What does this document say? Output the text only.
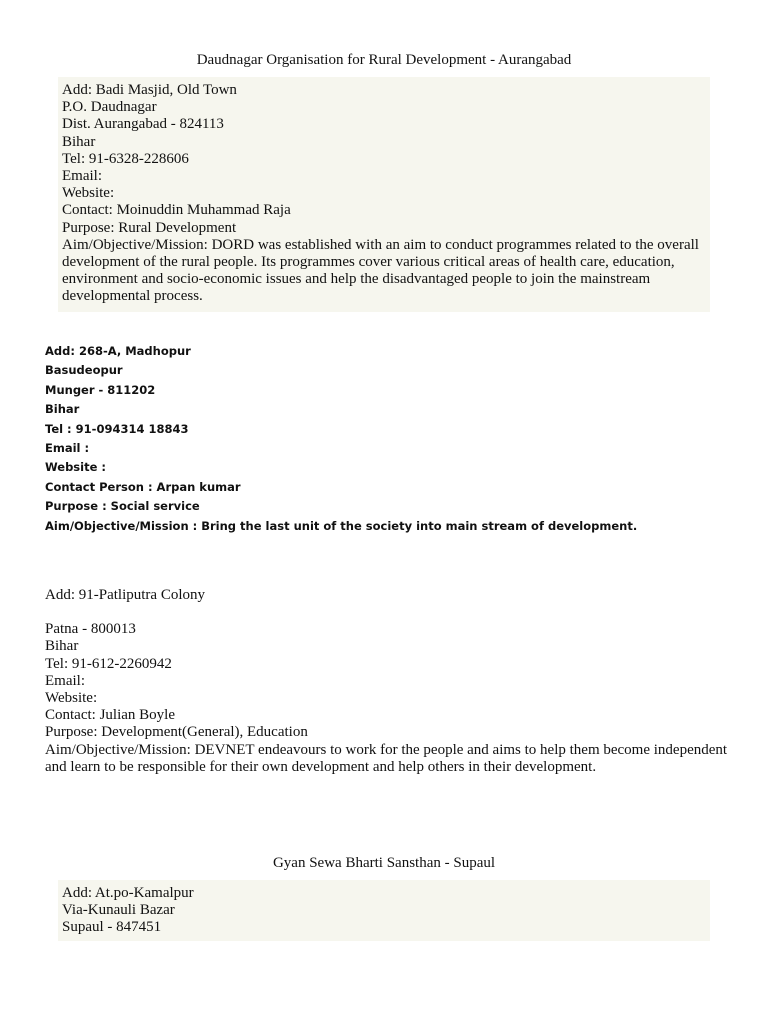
Daudnagar Organisation for Rural Development - Aurangabad
Add: Badi Masjid, Old Town
P.O. Daudnagar
Dist. Aurangabad - 824113
Bihar
Tel: 91-6328-228606
Email:
Website:
Contact: Moinuddin Muhammad Raja
Purpose: Rural Development
Aim/Objective/Mission: DORD was established with an aim to conduct programmes related to the overall development of the rural people. Its programmes cover various critical areas of health care, education, environment and socio-economic issues and help the disadvantaged people to join the mainstream developmental process.
Add: 268-A, Madhopur
Basudeopur
Munger - 811202
Bihar
Tel : 91-094314 18843
Email :
Website :
Contact Person : Arpan kumar
Purpose : Social service
Aim/Objective/Mission : Bring the last unit of the society into main stream of development.
Add: 91-Patliputra Colony
Patna - 800013
Bihar
Tel: 91-612-2260942
Email:
Website:
Contact: Julian Boyle
Purpose: Development(General), Education
Aim/Objective/Mission: DEVNET endeavours to work for the people and aims to help them become independent and learn to be responsible for their own development and help others in their development.
Gyan Sewa Bharti Sansthan - Supaul
Add: At.po-Kamalpur
Via-Kunauli Bazar
Supaul - 847451
